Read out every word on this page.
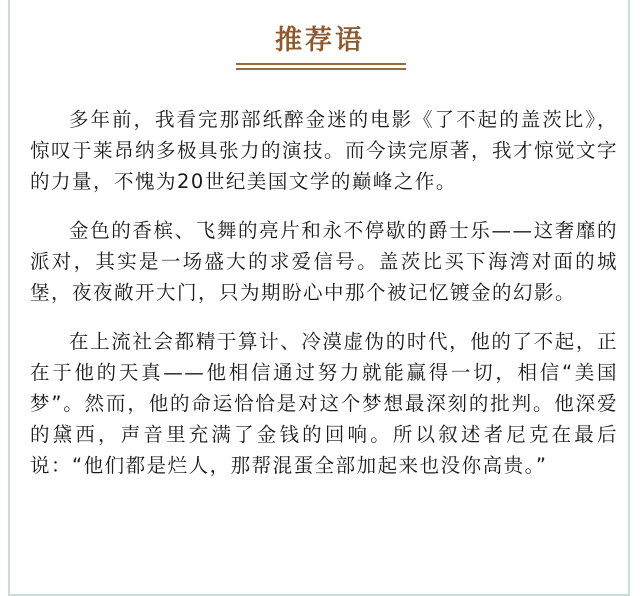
推荐语

多年前，我看完那部纸醉金迷的电影《了不起的盖茨比》，惊叹于莱昂纳多极具张力的演技。而今读完原著，我才惊觉文字的力量，不愧为20世纪美国文学的巅峰之作。

金色的香槟、飞舞的亮片和永不停歇的爵士乐——这奢靡的派对，其实是一场盛大的求爱信号。盖茨比买下海湾对面的城堡，夜夜敞开大门，只为期盼心中那个被记忆镀金的幻影。

在上流社会都精于算计、冷漠虚伪的时代，他的了不起，正在于他的天真——他相信通过努力就能赢得一切，相信“美国梦”。然而，他的命运恰恰是对这个梦想最深刻的批判。他深爱的黛西，声音里充满了金钱的回响。所以叙述者尼克在最后说：“他们都是烂人，那帮混蛋全部加起来也没你高贵。”
